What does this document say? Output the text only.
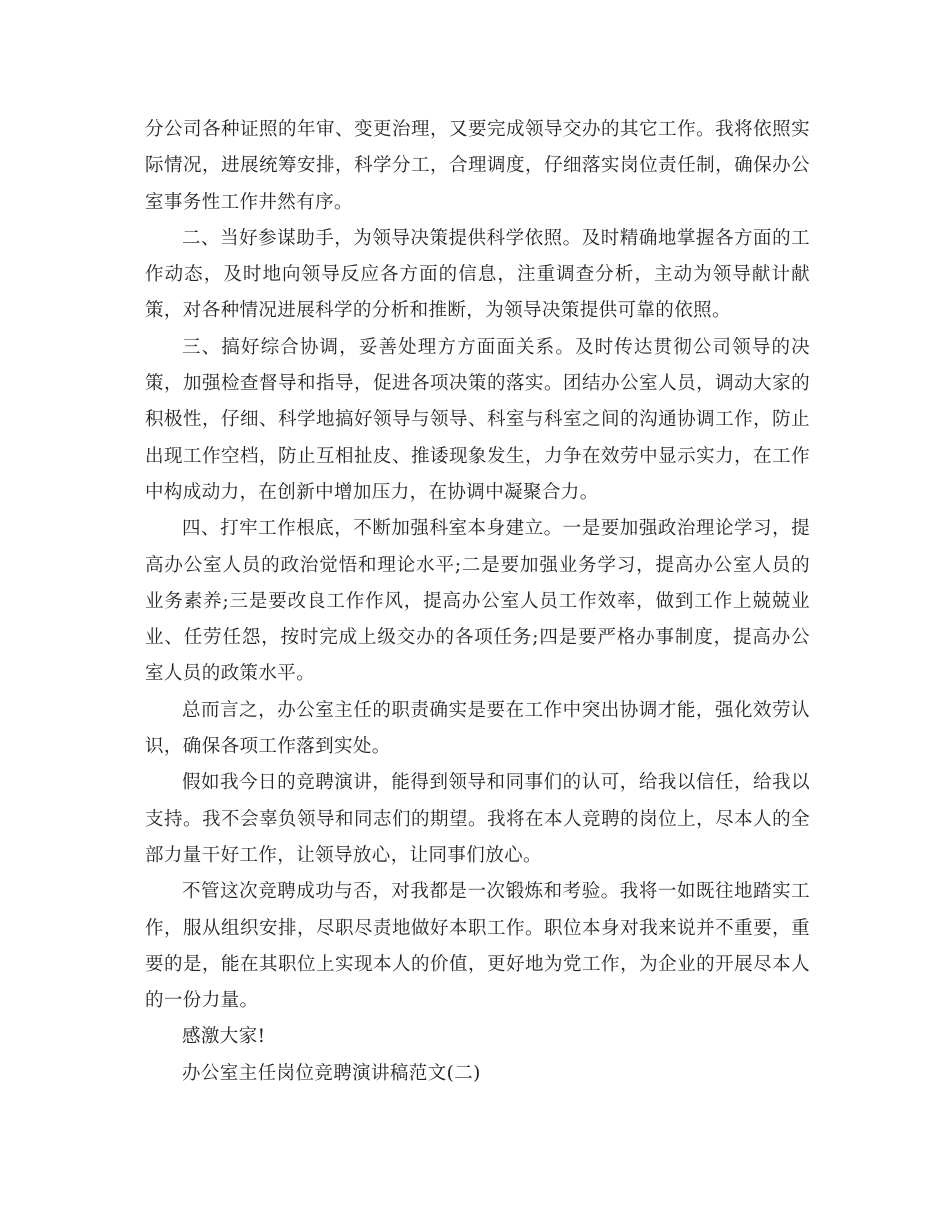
分公司各种证照的年审、变更治理，又要完成领导交办的其它工作。我将依照实际情况，进展统筹安排，科学分工，合理调度，仔细落实岗位责任制，确保办公室事务性工作井然有序。

二、当好参谋助手，为领导决策提供科学依照。及时精确地掌握各方面的工作动态，及时地向领导反应各方面的信息，注重调查分析，主动为领导献计献策，对各种情况进展科学的分析和推断，为领导决策提供可靠的依照。

三、搞好综合协调，妥善处理方方面面关系。及时传达贯彻公司领导的决策，加强检查督导和指导，促进各项决策的落实。团结办公室人员，调动大家的积极性，仔细、科学地搞好领导与领导、科室与科室之间的沟通协调工作，防止出现工作空档，防止互相扯皮、推诿现象发生，力争在效劳中显示实力，在工作中构成动力，在创新中增加压力，在协调中凝聚合力。

四、打牢工作根底，不断加强科室本身建立。一是要加强政治理论学习，提高办公室人员的政治觉悟和理论水平;二是要加强业务学习，提高办公室人员的业务素养;三是要改良工作作风，提高办公室人员工作效率，做到工作上兢兢业业、任劳任怨，按时完成上级交办的各项任务;四是要严格办事制度，提高办公室人员的政策水平。

总而言之，办公室主任的职责确实是要在工作中突出协调才能，强化效劳认识，确保各项工作落到实处。

假如我今日的竞聘演讲，能得到领导和同事们的认可，给我以信任，给我以支持。我不会辜负领导和同志们的期望。我将在本人竞聘的岗位上，尽本人的全部力量干好工作，让领导放心，让同事们放心。

不管这次竞聘成功与否，对我都是一次锻炼和考验。我将一如既往地踏实工作，服从组织安排，尽职尽责地做好本职工作。职位本身对我来说并不重要，重要的是，能在其职位上实现本人的价值，更好地为党工作，为企业的开展尽本人的一份力量。

感激大家!

办公室主任岗位竞聘演讲稿范文(二)
